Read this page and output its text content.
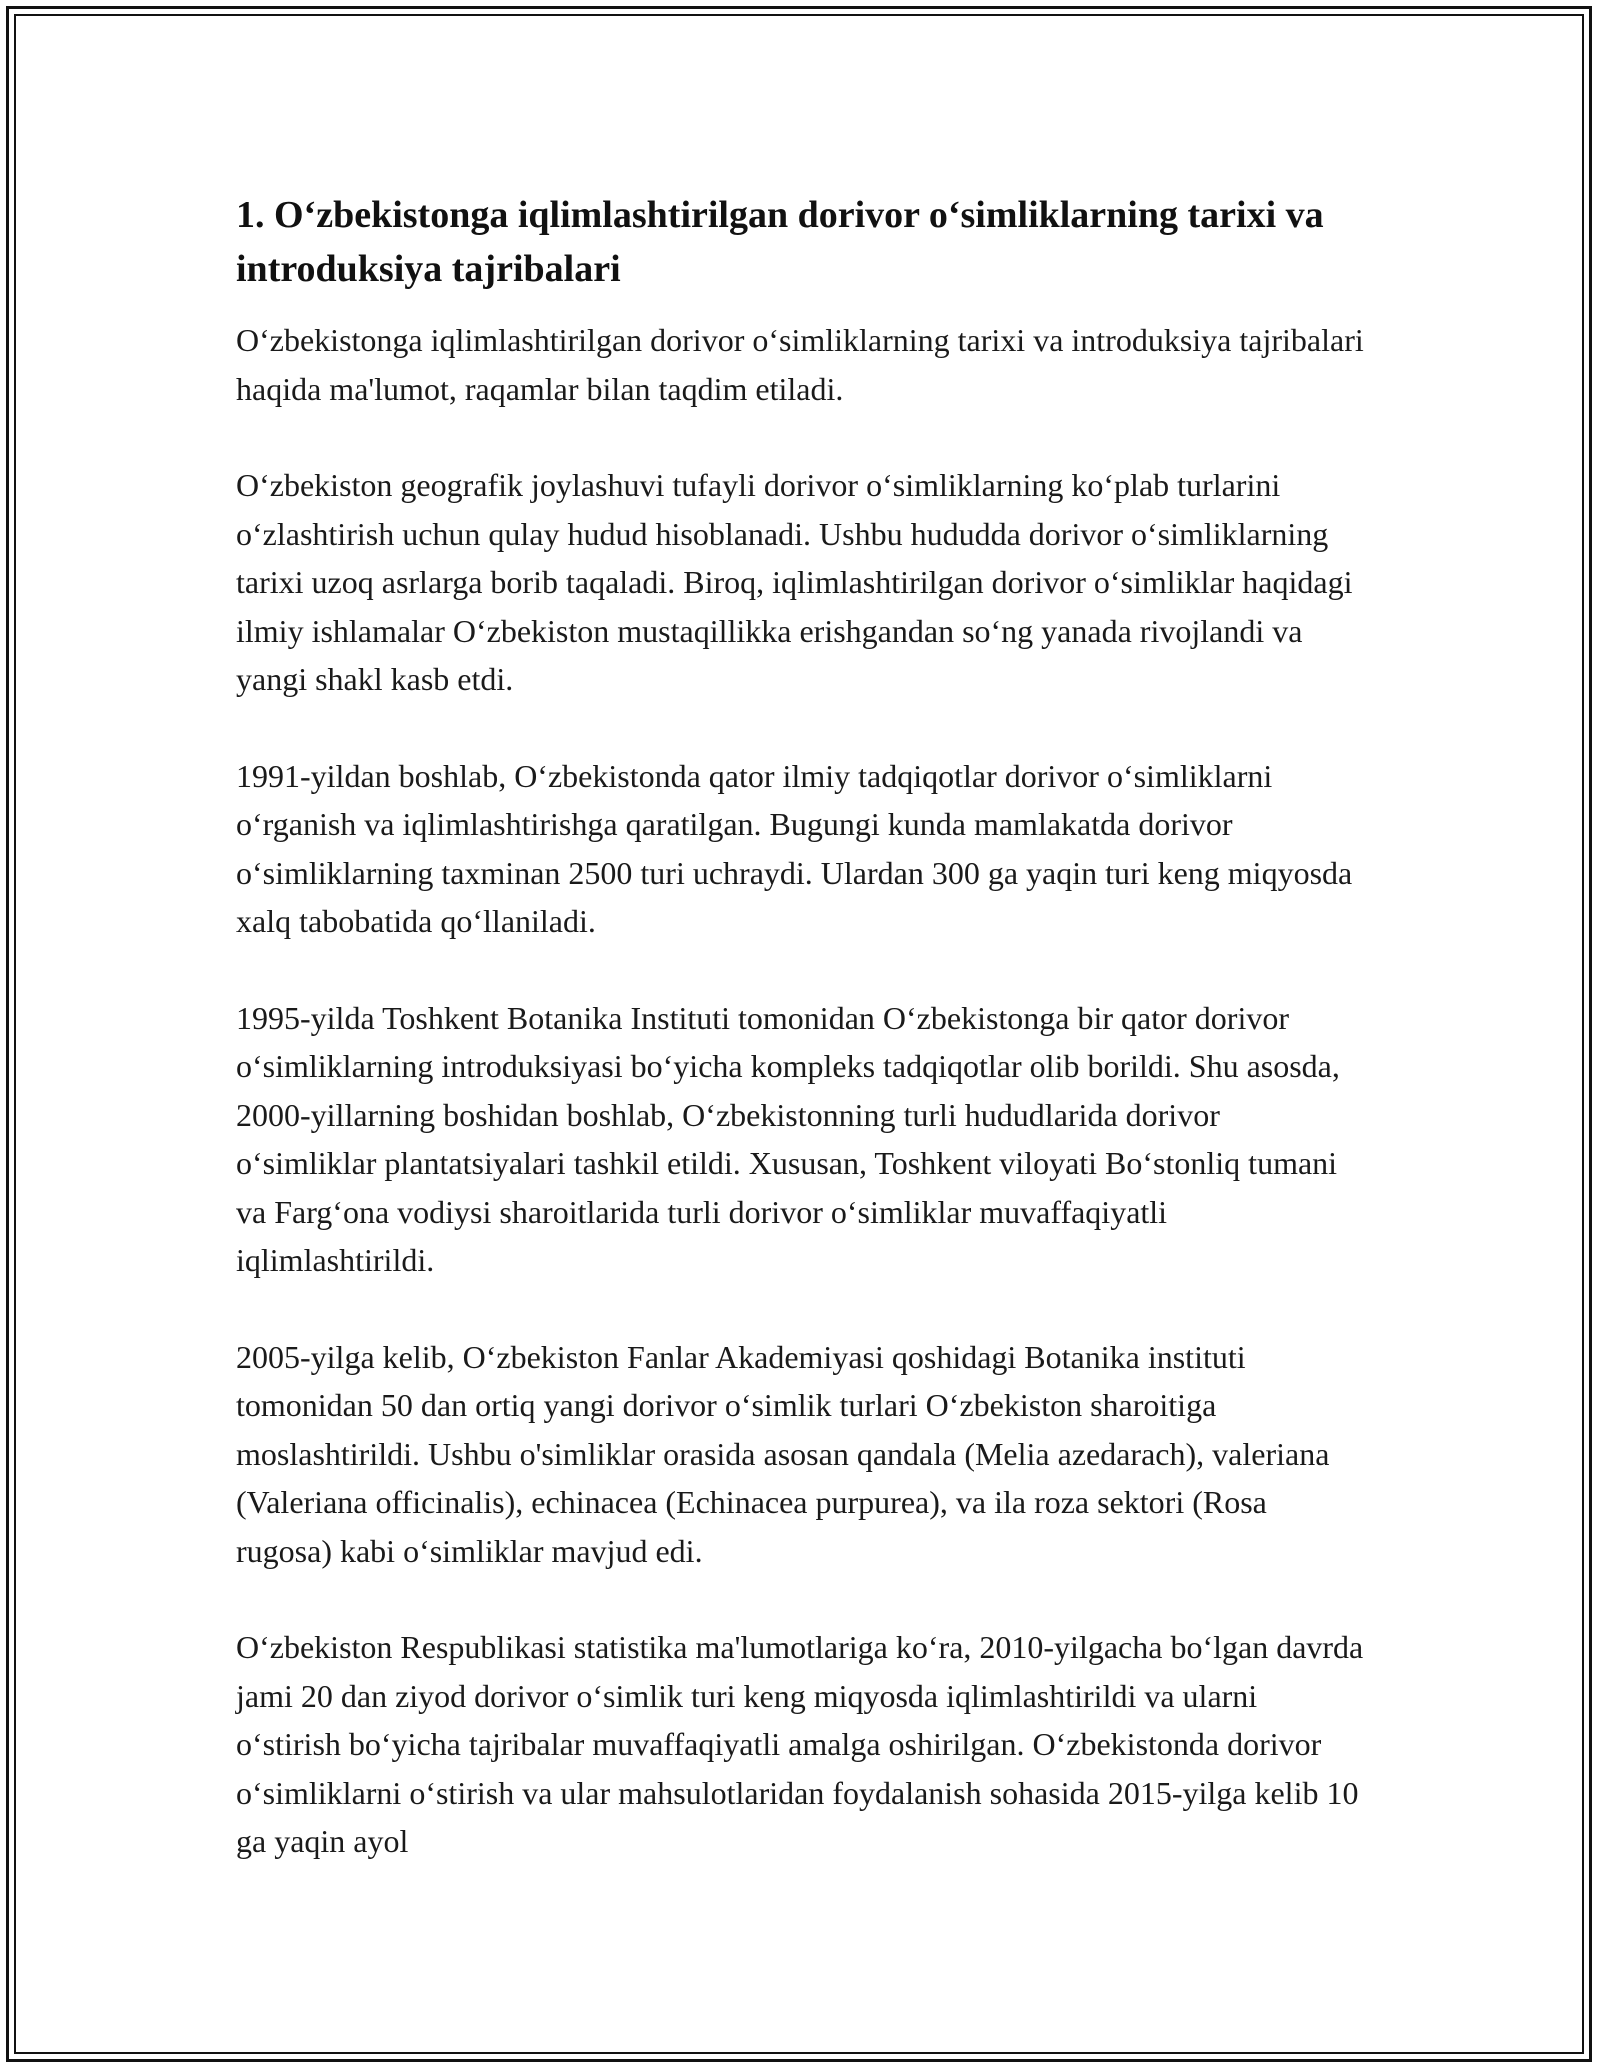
1. O‘zbekistonga iqlimlashtirilgan dorivor o‘simliklarning tarixi va introduksiya tajribalari

O‘zbekistonga iqlimlashtirilgan dorivor o‘simliklarning tarixi va introduksiya tajribalari haqida ma'lumot, raqamlar bilan taqdim etiladi.

O‘zbekiston geografik joylashuvi tufayli dorivor o‘simliklarning ko‘plab turlarini o‘zlashtirish uchun qulay hudud hisoblanadi. Ushbu hududda dorivor o‘simliklarning tarixi uzoq asrlarga borib taqaladi. Biroq, iqlimlashtirilgan dorivor o‘simliklar haqidagi ilmiy ishlamalar O‘zbekiston mustaqillikka erishgandan so‘ng yanada rivojlandi va yangi shakl kasb etdi.

1991-yildan boshlab, O‘zbekistonda qator ilmiy tadqiqotlar dorivor o‘simliklarni o‘rganish va iqlimlashtirishga qaratilgan. Bugungi kunda mamlakatda dorivor o‘simliklarning taxminan 2500 turi uchraydi. Ulardan 300 ga yaqin turi keng miqyosda xalq tabobatida qo‘llaniladi.

1995-yilda Toshkent Botanika Instituti tomonidan O‘zbekistonga bir qator dorivor o‘simliklarning introduksiyasi bo‘yicha kompleks tadqiqotlar olib borildi. Shu asosda, 2000-yillarning boshidan boshlab, O‘zbekistonning turli hududlarida dorivor o‘simliklar plantatsiyalari tashkil etildi. Xususan, Toshkent viloyati Bo‘stonliq tumani va Farg‘ona vodiysi sharoitlarida turli dorivor o‘simliklar muvaffaqiyatli iqlimlashtirildi.

2005-yilga kelib, O‘zbekiston Fanlar Akademiyasi qoshidagi Botanika instituti tomonidan 50 dan ortiq yangi dorivor o‘simlik turlari O‘zbekiston sharoitiga moslashtirildi. Ushbu o'simliklar orasida asosan qandala (Melia azedarach), valeriana (Valeriana officinalis), echinacea (Echinacea purpurea), va ila roza sektori (Rosa rugosa) kabi o‘simliklar mavjud edi.

O‘zbekiston Respublikasi statistika ma'lumotlariga ko‘ra, 2010-yilgacha bo‘lgan davrda jami 20 dan ziyod dorivor o‘simlik turi keng miqyosda iqlimlashtirildi va ularni o‘stirish bo‘yicha tajribalar muvaffaqiyatli amalga oshirilgan. O‘zbekistonda dorivor o‘simliklarni o‘stirish va ular mahsulotlaridan foydalanish sohasida 2015-yilga kelib 10 ga yaqin ayol
